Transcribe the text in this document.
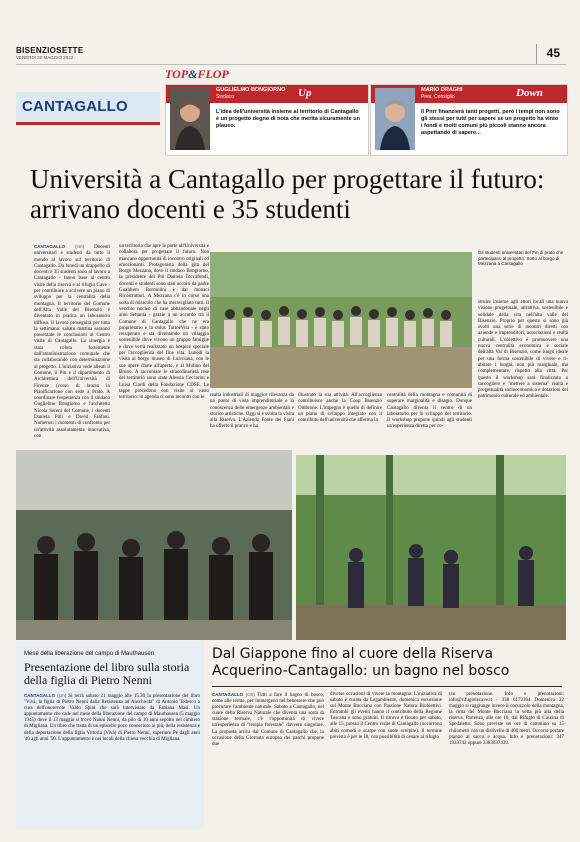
BISENZIOSETTE
VENERDI 20 MAGGIO 2022	45
TOP&FLOP
CANTAGALLO
GUGLIELMO BONGIORNO
Sindaco	Up
L'idea dell'università insieme al territorio di Cantagallo è un progetto degno di nota che merita sicuramente un plauso.
MARIO DRAGHI
Pres. Consiglio	Down
Il Pnrr finanzierà tanti progetti, però i tempi non sono gli stessi per tutti per sapere se un progetto ha vinto i fondi e molti comuni più piccoli stanno ancora aspettando di sapere...
Università a Cantagallo per progettare il futuro: arrivano docenti e 35 studenti
CANTAGALLO (cm) Docenti universitari e studenti da tutto il mondo al lavoro sul territorio di Cantagallo. Da lunedì un drappello di docenti e 35 studenti sono al lavoro a Cantagallo - fanno base al centro visite della riserva e al rifugio Cave - per contribuire a scrivere un piano di sviluppo per la centralità della montagna. Il territorio del Comune dell'Alta Valle del Bisenzio è diventato in pratica un laboratorio diffuso. Il lavoro proseguirà per tutta la settimana: sabato mattina saranno presentate le conclusioni al Centro visite di Cantagallo. La sinergia è stata voluta fortemente dall'amministrazione comunale che sta collaborando con determinazione al progetto. L'iniziativa vede alleati il Comune, il Pin e il dipartimento di Architettura dell'Università di Firenze (corso di laurea in Pianificazione con sede a Prato. A coordinare l'esperienza con il sindaco Guglielmo Bongiorno e l'architetto Nicola Sereni del Comune, i docenti Daniela Poli e David Fanfani. Numerosi i momenti di confronto per un'attività assolutamente innovativa, con
un territorio che apre le porte all'Università e collabora per progettare il futuro. Non mancano opportunità di incontro originali ed emozionanti. Protagonista della gita del Borgo Mezzana, dove il sindaco Bongiorno, la presidente del Pin Daniela Toccafondi, docenti e studenti sono stati accolti da padre Gualdiero Bormolini e dai monaci Ricostruttori. A Mezzana c'è in corso una sorta di miracolo che ha meravigliato tutti. Il vecchio nucleo di case abbandonate negli anni Settanta - grazie a un accordo tra il Comune di Cantagallo che ne era proprietario e la onlus TuttoèVita - è stato recuperato e sta diventando un villaggio sostenibile dove vivono un gruppo famiglie e dove verrà realizzato un hospice speciale per l'accoglienza del fine vita. Lunedì la visita al borgo museo di Luicciana, con le sue opere d'arte all'aperto, e al Mulino del Bruno. A raccontare le straordinarietà rese del territorio sono state Alessia Ceccarini e Luisa Ciardi della Fondazione CDSE. Le tappe procedono con visite al vasto territorio: in agenda ci sono incontri con le
Gli studenti universitari del Pin di prato che partecipano al progetto. Sotto al borgo di Mezzana a Cantagallo
struire insieme agli attori locali una nuova visione progettuale, attrattiva, sostenibile e solidale della vita nell'alta valle del Bisenzio. Proprio per questo si sono già svolti una serie di incontri diretti con aziende e imprenditori, associazioni e realtà culturali. L'obiettivo è promuovere una nuova centralità economica e sociale dell'alta Val di Bisenzio, come luogo ideale per una forma sostenibile di vivere e ri-abitare i luoghi, non più marginale, ma complementare, rispetto alla città. Per questo il workshop sarà finalizzato a raccogliere e "mettere a sistema" realtà e progettualità socioeconomica e dotazioni del patrimonio culturale ed ambientale.
realtà industriali di maggior rilevanza da un punto di vista imprenditoriale e la conoscenza delle emergenze ambientali e storico artistiche. Oggi si è svolta la visita alla Riserva. L'Azienda Fonte dei Fiani ha offerto il pranzo e ha
illustrato la sua attività. All'accoglienza contribuisce anche la Coop Bisenzio Ombrone. L'impegno è quello di definire un piano di sviluppo integrato con il contributo dell'università che afferma la
centralità della montagna e comunità di superare marginalità e disagio. Dunque Cantagallo diventa il centro di un laboratorio per lo sviluppo del territorio. Il workshop propone quindi agli studenti un'esperienza diretta per co-
Mese della liberazione del campo di Mauthausen
Presentazione del libro sulla storia della figlia di Pietro Nenni
CANTAGALLO (cm) Si terrà sabato 21 maggio alle 15.30 la presentazione del libro "Vivà, la figlia di Pietro Nenni dalla Resistenza ad Auschwitz" di Antonio Tedesco a cura dell'onorevole Valdo Spini che sarà intervistato da Fabiana Masi. Un appuntamento che cade nel mese della liberazione del campo di Mauthausen (5 maggio 1945) dove il 13 maggio si trovò Nanni Nenni, da pilo di 10 anni sepolto nel cimitero di Migliana. Un libro che tratta di un episodio poco conosciuto ai più, della resistenza e della deportazione della figlia Vittoria (Vivà) di Pietro Nenni, superiore Pé dagli anni '40 agli anni '50. L'appuntamento è nei locali della chiesa vecchia di Migliana.
Dal Giappone fino al cuore della Riserva Acquerino-Cantagallo: un bagno nel bosco
CANTAGALLO (cm) Tutti a fare il bagno di bosco, come alle terme, per immergersi nel benessere che può procurare l'ambiente naturale. Sabato a Cantagallo, nel cuore della Riserva Naturale che diventa una sorta di stazione termale, c'è l'opportunità di vivere un'esperienza di "terapia forestale" davvero singolare. La proposta arriva dal Comune di Cantagallo che, in occasione della Giornata europea dei parchi propone due
diverse occasioni di vivere la montagna. L'iniziativa di sabato è curata da Legambiente, domenica escursione sul Monte Bucciana con Passione Natura Biobiettivi. Entrambi gli eventi hanno il contributo della Regione Toscana e sono gratuiti. Il ritrovo è fissato per sabato, alle 15, presso il Centro visite di Cantagallo (occorrono abiti comodi e scarpe con suole scolpite). Il termine previsto è per le 18, con possibilità di cenare al rifugio
(su prenotazione. Info e prenotazioni: info@rifugiolecave.it - 338 6172364 Domenica 22 maggio si raggiunge invece il cocuzzolo della montagna, la cima del Monte Bucciana la vetta più alta della riserva. Partenza, alle ore 10, dal Rifugio di Cascina di Spedaletto. Sono previste sei ore di cammino su 15 chilometri con un dislivello di 400 metri. Occorre portare pranzo al sacco e acqua. Info e prenotazioni: 347 1933742 oppure 3383037439.
